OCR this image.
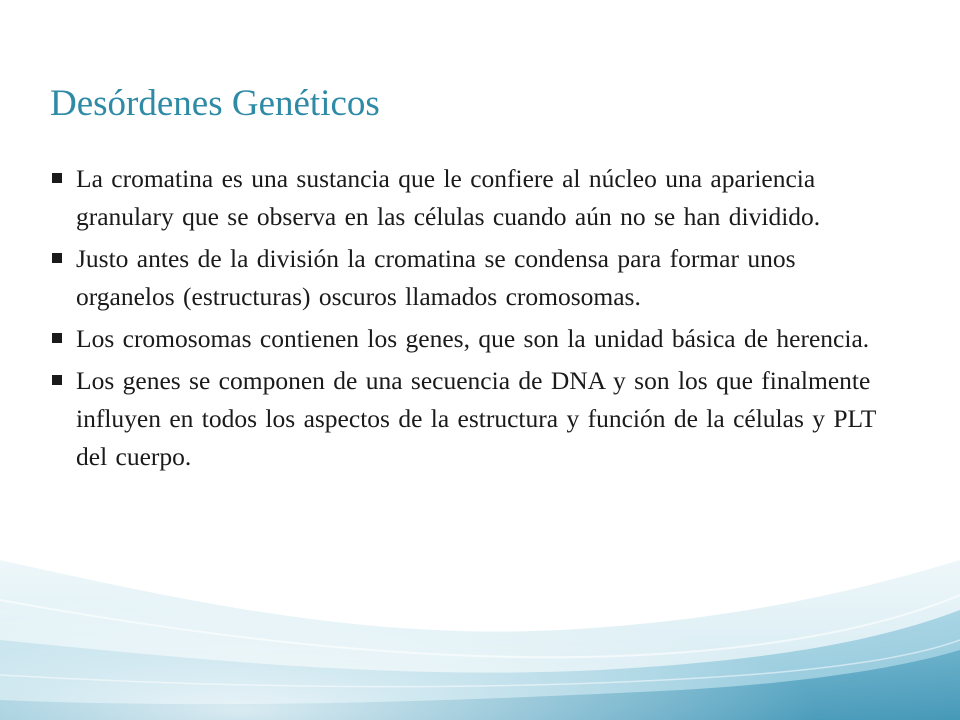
Desórdenes Genéticos
La cromatina es una sustancia que le confiere al núcleo una apariencia granulary que se observa en las células cuando aún no se han dividido.
Justo antes de la división la cromatina se condensa para formar unos organelos (estructuras) oscuros llamados cromosomas.
Los cromosomas contienen los genes, que son la unidad básica de herencia.
Los genes se componen de una secuencia de DNA y son los que finalmente influyen en todos los aspectos de la estructura y función de la células y PLT del cuerpo.
